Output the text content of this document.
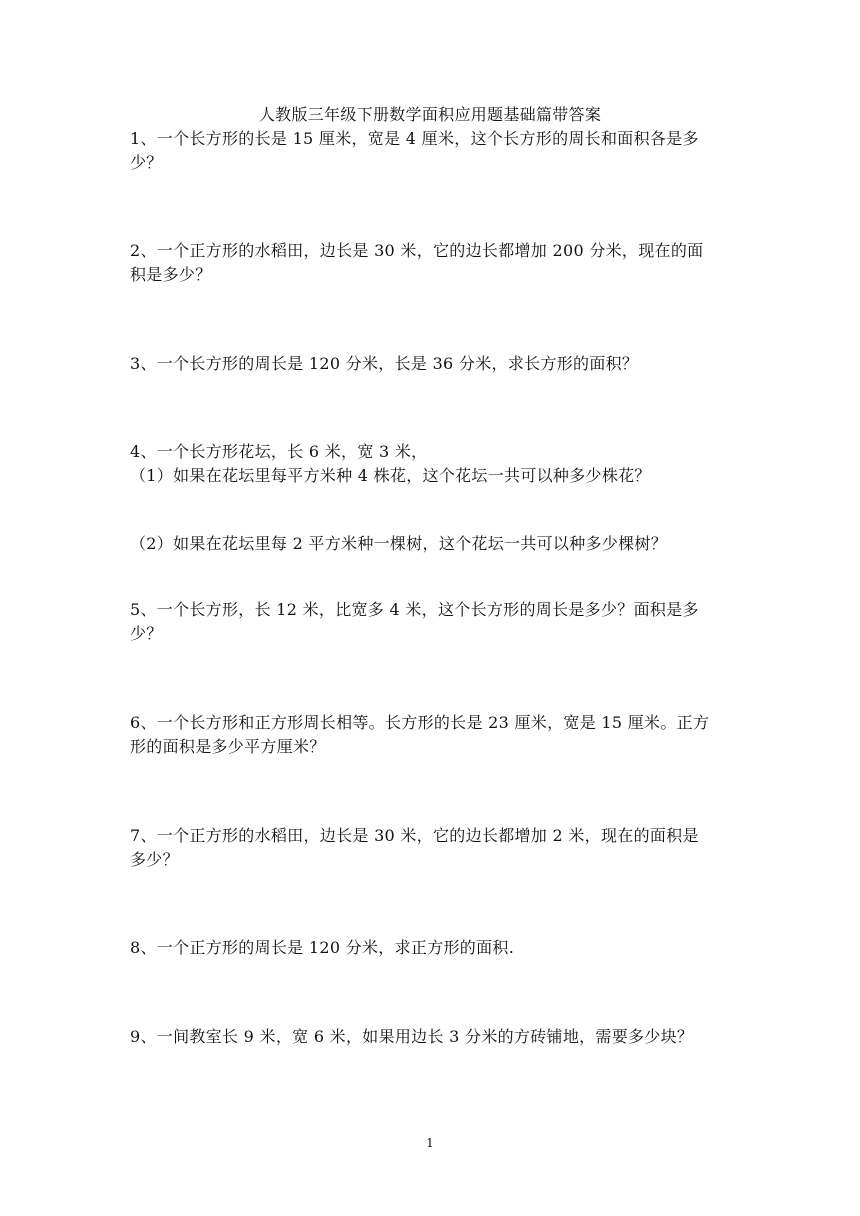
人教版三年级下册数学面积应用题基础篇带答案
1、一个长方形的长是 15 厘米，宽是 4 厘米，这个长方形的周长和面积各是多
少？
2、一个正方形的水稻田，边长是 30 米，它的边长都增加 200 分米，现在的面
积是多少？
3、一个长方形的周长是 120 分米，长是 36 分米，求长方形的面积？
4、一个长方形花坛，长 6 米，宽 3 米，
（1）如果在花坛里每平方米种 4 株花，这个花坛一共可以种多少株花？
（2）如果在花坛里每 2 平方米种一棵树，这个花坛一共可以种多少棵树？
5、一个长方形，长 12 米，比宽多 4 米，这个长方形的周长是多少？面积是多
少？
6、一个长方形和正方形周长相等。长方形的长是 23 厘米，宽是 15 厘米。正方
形的面积是多少平方厘米？
7、一个正方形的水稻田，边长是 30 米，它的边长都增加 2 米，现在的面积是
多少？
8、一个正方形的周长是 120 分米，求正方形的面积.
9、一间教室长 9 米，宽 6 米，如果用边长 3 分米的方砖铺地，需要多少块？
1
